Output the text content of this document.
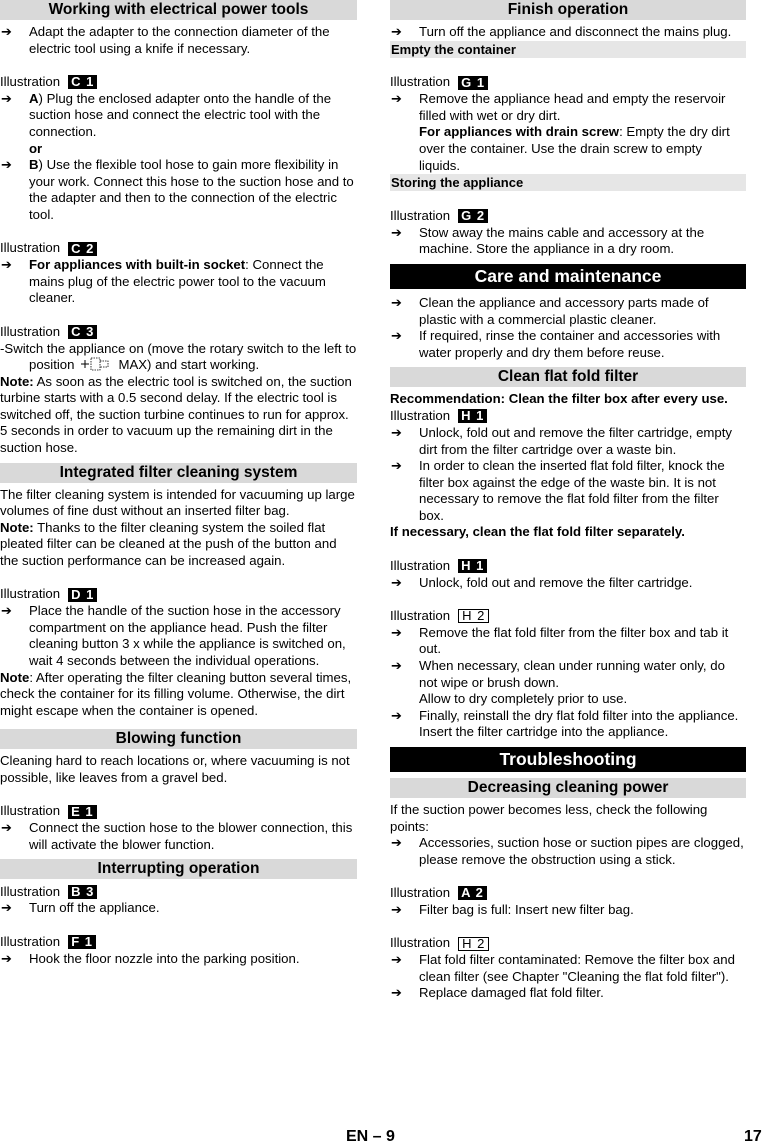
Working with electrical power tools
➔	Adapt the adapter to the connection diameter of the electric tool using a knife if necessary.
Illustration C 1
➔	A) Plug the enclosed adapter onto the handle of the suction hose and connect the electric tool with the connection.
or
➔	B) Use the flexible tool hose to gain more flexibility in your work. Connect this hose to the suction hose and to the adapter and then to the connection of the electric tool.
Illustration C 2
➔	For appliances with built-in socket: Connect the mains plug of the electric power tool to the vacuum cleaner.
Illustration C 3
-Switch the appliance on (move the rotary switch to the left to position	MAX) and start working.
Note: As soon as the electric tool is switched on, the suction turbine starts with a 0.5 second delay. If the electric tool is switched off, the suction turbine continues to run for approx. 5 seconds in order to vacuum up the remaining dirt in the suction hose.
Integrated filter cleaning system
The filter cleaning system is intended for vacuuming up large volumes of fine dust without an inserted filter bag.
Note: Thanks to the filter cleaning system the soiled flat pleated filter can be cleaned at the push of the button and the suction performance can be increased again.
Illustration D 1
➔	Place the handle of the suction hose in the accessory compartment on the appliance head. Push the filter cleaning button 3 x while the appliance is switched on, wait 4 seconds between the individual operations.
Note: After operating the filter cleaning button several times, check the container for its filling volume. Otherwise, the dirt might escape when the container is opened.
Blowing function
Cleaning hard to reach locations or, where vacuuming is not possible, like leaves from a gravel bed.
Illustration E 1
➔	Connect the suction hose to the blower connection, this will activate the blower function.
Interrupting operation
Illustration B 3
➔	Turn off the appliance.
Illustration F 1
➔	Hook the floor nozzle into the parking position.
Finish operation
➔	Turn off the appliance and disconnect the mains plug.
Empty the container
Illustration G 1
➔	Remove the appliance head and empty the reservoir filled with wet or dry dirt.
For appliances with drain screw: Empty the dry dirt over the container. Use the drain screw to empty liquids.
Storing the appliance
Illustration G 2
➔	Stow away the mains cable and accessory at the machine. Store the appliance in a dry room.
Care and maintenance
➔	Clean the appliance and accessory parts made of plastic with a commercial plastic cleaner.
➔	If required, rinse the container and accessories with water properly and dry them before reuse.
Clean flat fold filter
Recommendation: Clean the filter box after every use.
Illustration H 1
➔	Unlock, fold out and remove the filter cartridge, empty dirt from the filter cartridge over a waste bin.
➔	In order to clean the inserted flat fold filter, knock the filter box against the edge of the waste bin. It is not necessary to remove the flat fold filter from the filter box.
If necessary, clean the flat fold filter separately.
Illustration H 1
➔	Unlock, fold out and remove the filter cartridge.
Illustration H 2
➔	Remove the flat fold filter from the filter box and tab it out.
➔	When necessary, clean under running water only, do not wipe or brush down.
Allow to dry completely prior to use.
➔	Finally, reinstall the dry flat fold filter into the appliance. Insert the filter cartridge into the appliance.
Troubleshooting
Decreasing cleaning power
If the suction power becomes less, check the following points:
➔	Accessories, suction hose or suction pipes are clogged, please remove the obstruction using a stick.
Illustration A 2
➔	Filter bag is full: Insert new filter bag.
Illustration H 2
➔	Flat fold filter contaminated: Remove the filter box and clean filter (see Chapter "Cleaning the flat fold filter").
➔	Replace damaged flat fold filter.
EN – 9	17
